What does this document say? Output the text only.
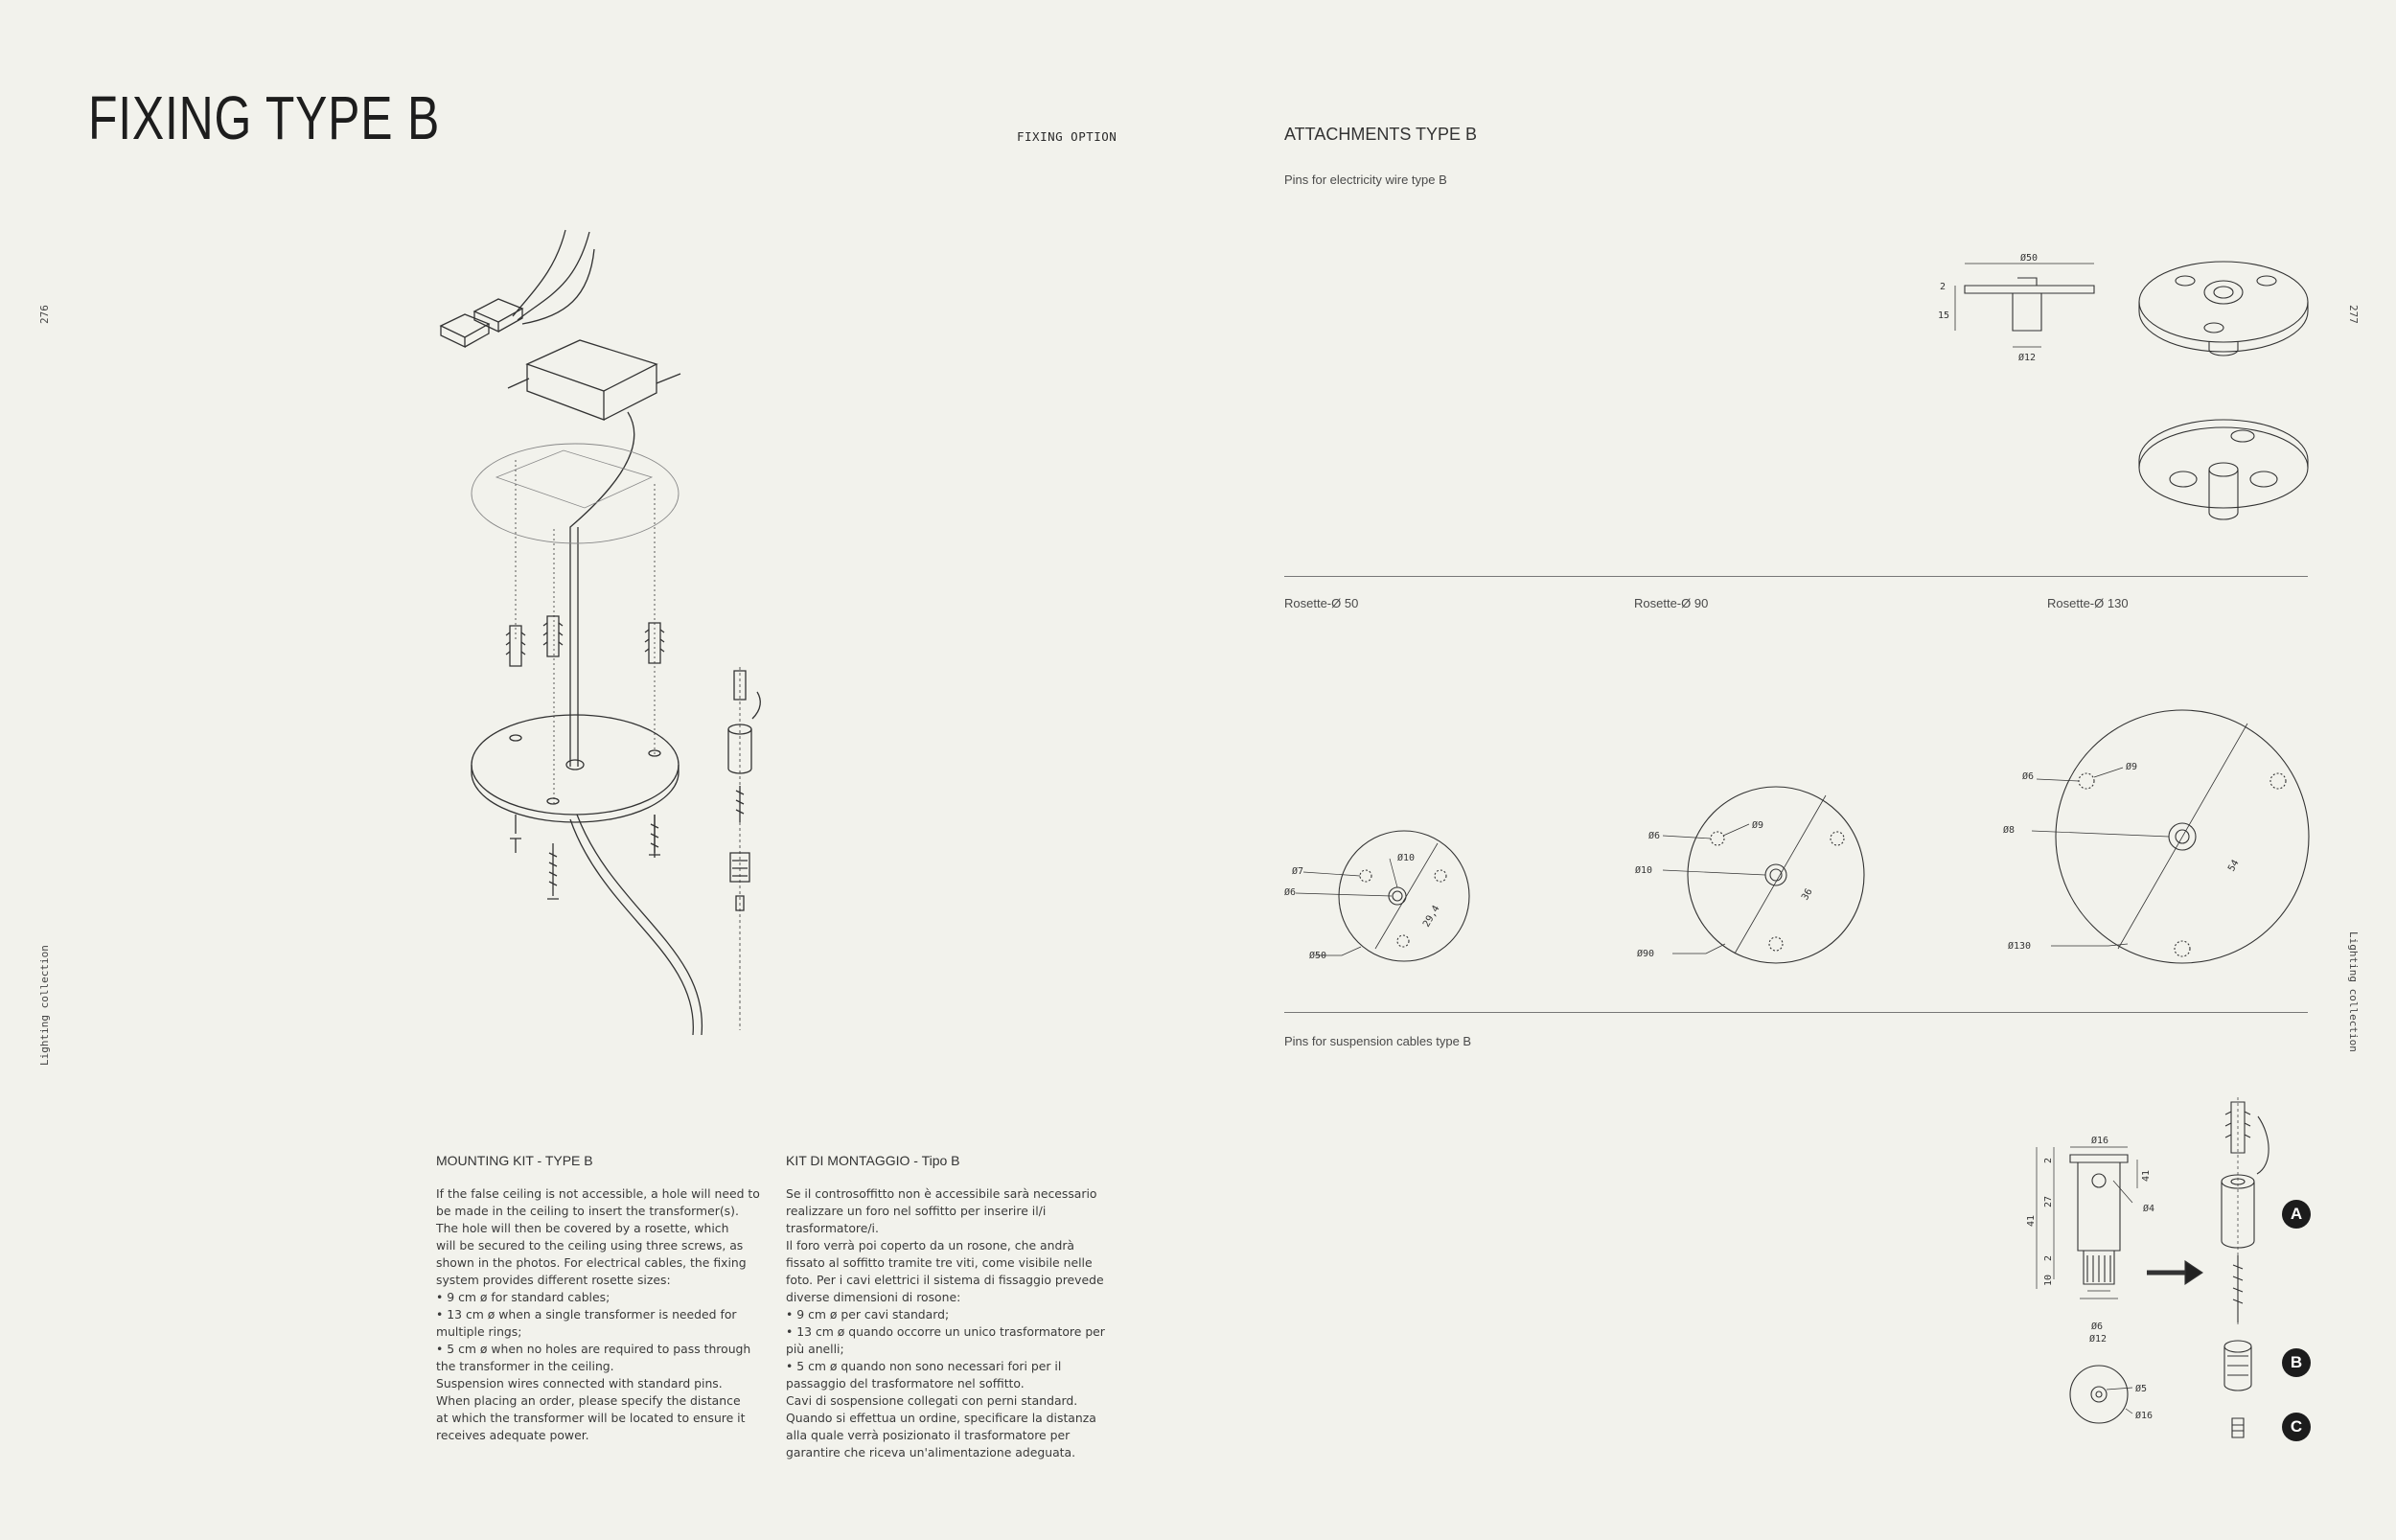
FIXING TYPE B	FIXING OPTION	ATTACHMENTS TYPE B
Pins for electricity wire type B
276
Lighting collection
277
Lighting collection
Ø50
Ø12
15
2
Rosette-Ø 50	Rosette-Ø 90	Rosette-Ø 130
Ø7
Ø6
Ø10
29,4
Ø50
Ø6
Ø9
Ø10
36
Ø90
Ø6
Ø9
Ø8
54
Ø130
Pins for suspension cables type B
Ø16
Ø4
Ø6
Ø12
Ø5
Ø16
41
27
10
2
2
41
A
B
C
MOUNTING KIT - TYPE B
If the false ceiling is not accessible, a hole will need to
be made in the ceiling to insert the transformer(s).
The hole will then be covered by a rosette, which
will be secured to the ceiling using three screws, as
shown in the photos. For electrical cables, the fixing
system provides different rosette sizes:
• 9 cm ø for standard cables;
• 13 cm ø when a single transformer is needed for
multiple rings;
• 5 cm ø when no holes are required to pass through
the transformer in the ceiling.
Suspension wires connected with standard pins.
When placing an order, please specify the distance
at which the transformer will be located to ensure it
receives adequate power.
KIT DI MONTAGGIO - Tipo B
Se il controsoffitto non è accessibile sarà necessario
realizzare un foro nel soffitto per inserire il/i
trasformatore/i.
Il foro verrà poi coperto da un rosone, che andrà
fissato al soffitto tramite tre viti, come visibile nelle
foto. Per i cavi elettrici il sistema di fissaggio prevede
diverse dimensioni di rosone:
• 9 cm ø per cavi standard;
• 13 cm ø quando occorre un unico trasformatore per
più anelli;
• 5 cm ø quando non sono necessari fori per il
passaggio del trasformatore nel soffitto.
Cavi di sospensione collegati con perni standard.
Quando si effettua un ordine, specificare la distanza
alla quale verrà posizionato il trasformatore per
garantire che riceva un'alimentazione adeguata.
